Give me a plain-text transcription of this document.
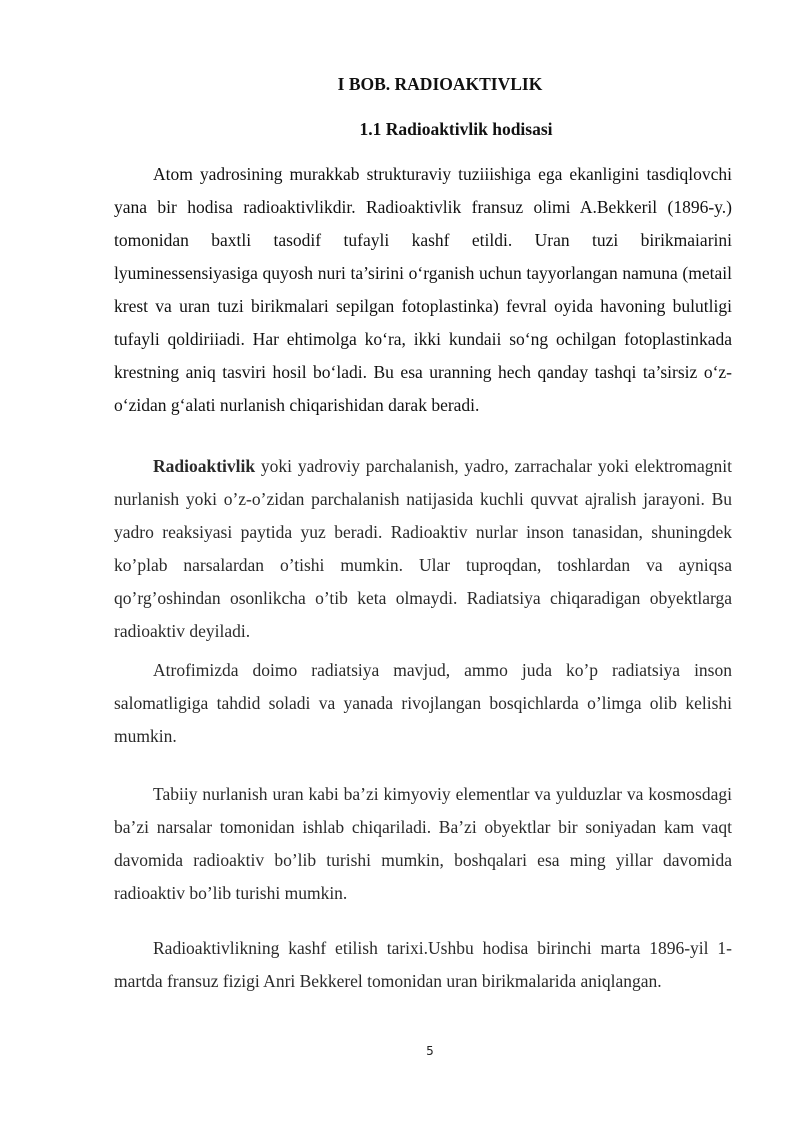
I BOB. RADIOAKTIVLIK
1.1 Radioaktivlik hodisasi

Atom yadrosining murakkab strukturaviy tuziiishiga ega ekanligini tasdiqlovchi yana bir hodisa radioaktivlikdir. Radioaktivlik fransuz olimi A.Bekkeril (1896-y.) tomonidan baxtli tasodif tufayli kashf etildi. Uran tuzi birikmaiarini lyuminessensiyasiga quyosh nuri ta’sirini o‘rganish uchun tayyorlangan namuna (metail krest va uran tuzi birikmalari sepilgan fotoplastinka) fevral oyida havoning bulutligi tufayli qoldiriiadi. Har ehtimolga ko‘ra, ikki kundaii so‘ng ochilgan fotoplastinkada krestning aniq tasviri hosil bo‘ladi. Bu esa uranning hech qanday tashqi ta’sirsiz o‘z-o‘zidan g‘alati nurlanish chiqarishidan darak beradi.

Radioaktivlik yoki yadroviy parchalanish, yadro, zarrachalar yoki elektromagnit nurlanish yoki o’z-o’zidan parchalanish natijasida kuchli quvvat ajralish jarayoni. Bu yadro reaksiyasi paytida yuz beradi. Radioaktiv nurlar inson tanasidan, shuningdek ko’plab narsalardan o’tishi mumkin. Ular tuproqdan, toshlardan va ayniqsa qo’rg’oshindan osonlikcha o’tib keta olmaydi. Radiatsiya chiqaradigan obyektlarga radioaktiv deyiladi.

Atrofimizda doimo radiatsiya mavjud, ammo juda ko’p radiatsiya inson salomatligiga tahdid soladi va yanada rivojlangan bosqichlarda o’limga olib kelishi mumkin.

Tabiiy nurlanish uran kabi ba’zi kimyoviy elementlar va yulduzlar va kosmosdagi ba’zi narsalar tomonidan ishlab chiqariladi. Ba’zi obyektlar bir soniyadan kam vaqt davomida radioaktiv bo’lib turishi mumkin, boshqalari esa ming yillar davomida radioaktiv bo’lib turishi mumkin.

Radioaktivlikning kashf etilish tarixi.Ushbu hodisa birinchi marta 1896-yil 1-martda fransuz fizigi Anri Bekkerel tomonidan uran birikmalarida aniqlangan.

5
